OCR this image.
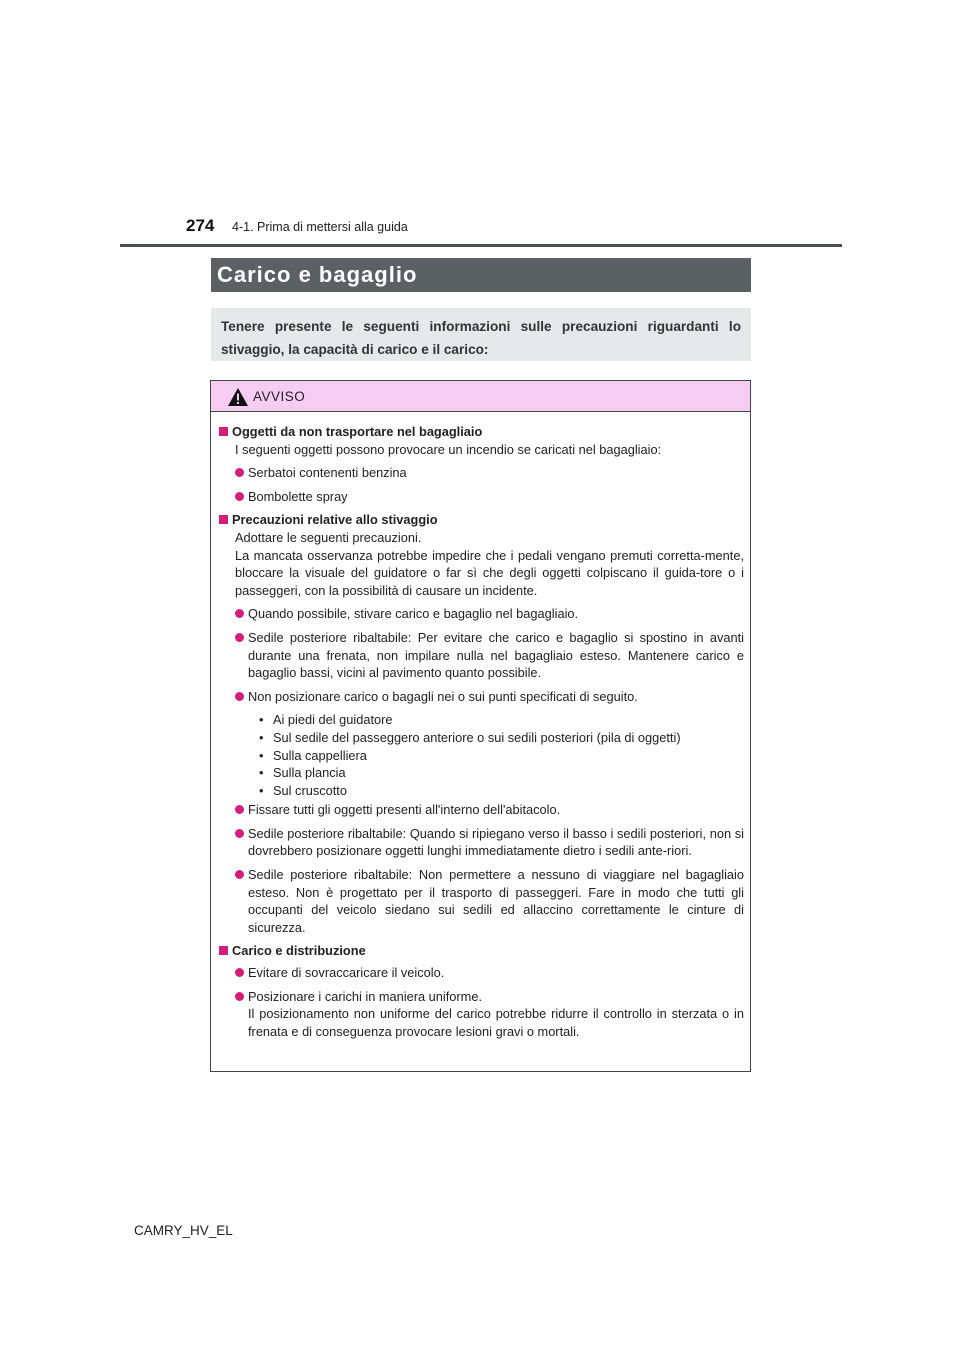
274 4-1. Prima di mettersi alla guida
Carico e bagaglio
Tenere presente le seguenti informazioni sulle precauzioni riguardanti lo stivaggio, la capacità di carico e il carico:
AVVISO
Oggetti da non trasportare nel bagagliaio
I seguenti oggetti possono provocare un incendio se caricati nel bagagliaio:
Serbatoi contenenti benzina
Bombolette spray
Precauzioni relative allo stivaggio
Adottare le seguenti precauzioni.
La mancata osservanza potrebbe impedire che i pedali vengano premuti corretta-mente, bloccare la visuale del guidatore o far sì che degli oggetti colpiscano il guida-tore o i passeggeri, con la possibilità di causare un incidente.
Quando possibile, stivare carico e bagaglio nel bagagliaio.
Sedile posteriore ribaltabile: Per evitare che carico e bagaglio si spostino in avanti durante una frenata, non impilare nulla nel bagagliaio esteso. Mantenere carico e bagaglio bassi, vicini al pavimento quanto possibile.
Non posizionare carico o bagagli nei o sui punti specificati di seguito.
• Ai piedi del guidatore
• Sul sedile del passeggero anteriore o sui sedili posteriori (pila di oggetti)
• Sulla cappelliera
• Sulla plancia
• Sul cruscotto
Fissare tutti gli oggetti presenti all'interno dell'abitacolo.
Sedile posteriore ribaltabile: Quando si ripiegano verso il basso i sedili posteriori, non si dovrebbero posizionare oggetti lunghi immediatamente dietro i sedili ante-riori.
Sedile posteriore ribaltabile: Non permettere a nessuno di viaggiare nel bagagliaio esteso. Non è progettato per il trasporto di passeggeri. Fare in modo che tutti gli occupanti del veicolo siedano sui sedili ed allaccino correttamente le cinture di sicurezza.
Carico e distribuzione
Evitare di sovraccaricare il veicolo.
Posizionare i carichi in maniera uniforme.
Il posizionamento non uniforme del carico potrebbe ridurre il controllo in sterzata o in frenata e di conseguenza provocare lesioni gravi o mortali.
CAMRY_HV_EL
